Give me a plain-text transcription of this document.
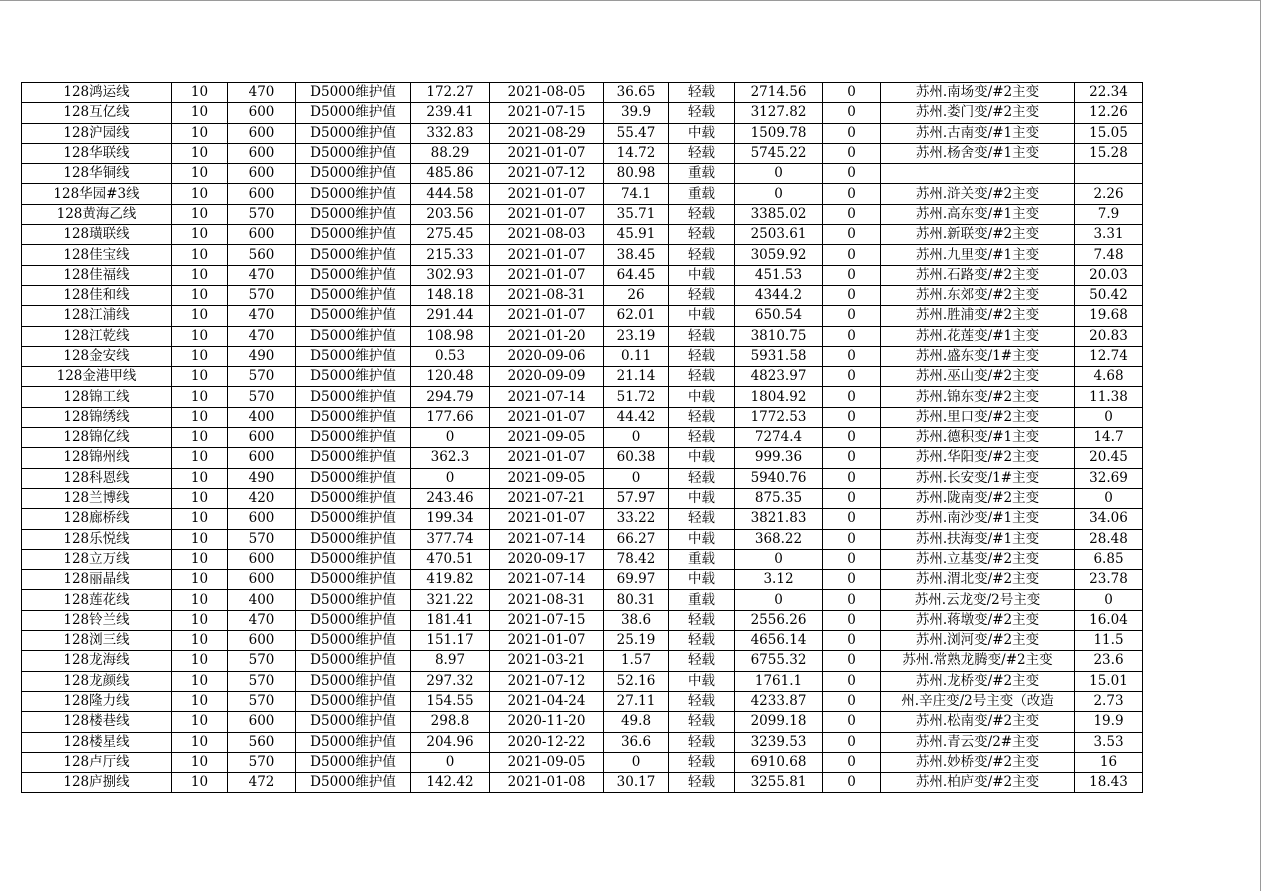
128鸿运线	10	470	D5000维护值	172.27	2021-08-05	36.65	轻载	2714.56	0	苏州.南场变/#2主变	22.34
128互亿线	10	600	D5000维护值	239.41	2021-07-15	39.9	轻载	3127.82	0	苏州.娄门变/#2主变	12.26
128沪园线	10	600	D5000维护值	332.83	2021-08-29	55.47	中载	1509.78	0	苏州.古南变/#1主变	15.05
128华联线	10	600	D5000维护值	88.29	2021-01-07	14.72	轻载	5745.22	0	苏州.杨舍变/#1主变	15.28
128华铜线	10	600	D5000维护值	485.86	2021-07-12	80.98	重载	0	0		
128华园#3线	10	600	D5000维护值	444.58	2021-01-07	74.1	重载	0	0	苏州.浒关变/#2主变	2.26
128黄海乙线	10	570	D5000维护值	203.56	2021-01-07	35.71	轻载	3385.02	0	苏州.高东变/#1主变	7.9
128璜联线	10	600	D5000维护值	275.45	2021-08-03	45.91	轻载	2503.61	0	苏州.新联变/#2主变	3.31
128佳宝线	10	560	D5000维护值	215.33	2021-01-07	38.45	轻载	3059.92	0	苏州.九里变/#1主变	7.48
128佳福线	10	470	D5000维护值	302.93	2021-01-07	64.45	中载	451.53	0	苏州.石路变/#2主变	20.03
128佳和线	10	570	D5000维护值	148.18	2021-08-31	26	轻载	4344.2	0	苏州.东郊变/#2主变	50.42
128江浦线	10	470	D5000维护值	291.44	2021-01-07	62.01	中载	650.54	0	苏州.胜浦变/#2主变	19.68
128江乾线	10	470	D5000维护值	108.98	2021-01-20	23.19	轻载	3810.75	0	苏州.花莲变/#1主变	20.83
128金安线	10	490	D5000维护值	0.53	2020-09-06	0.11	轻载	5931.58	0	苏州.盛东变/1#主变	12.74
128金港甲线	10	570	D5000维护值	120.48	2020-09-09	21.14	轻载	4823.97	0	苏州.巫山变/#2主变	4.68
128锦工线	10	570	D5000维护值	294.79	2021-07-14	51.72	中载	1804.92	0	苏州.锦东变/#2主变	11.38
128锦绣线	10	400	D5000维护值	177.66	2021-01-07	44.42	轻载	1772.53	0	苏州.里口变/#2主变	0
128锦亿线	10	600	D5000维护值	0	2021-09-05	0	轻载	7274.4	0	苏州.德积变/#1主变	14.7
128锦州线	10	600	D5000维护值	362.3	2021-01-07	60.38	中载	999.36	0	苏州.华阳变/#2主变	20.45
128科恩线	10	490	D5000维护值	0	2021-09-05	0	轻载	5940.76	0	苏州.长安变/1#主变	32.69
128兰博线	10	420	D5000维护值	243.46	2021-07-21	57.97	中载	875.35	0	苏州.陇南变/#2主变	0
128廊桥线	10	600	D5000维护值	199.34	2021-01-07	33.22	轻载	3821.83	0	苏州.南沙变/#1主变	34.06
128乐悦线	10	570	D5000维护值	377.74	2021-07-14	66.27	中载	368.22	0	苏州.扶海变/#1主变	28.48
128立万线	10	600	D5000维护值	470.51	2020-09-17	78.42	重载	0	0	苏州.立基变/#2主变	6.85
128丽晶线	10	600	D5000维护值	419.82	2021-07-14	69.97	中载	3.12	0	苏州.渭北变/#2主变	23.78
128莲花线	10	400	D5000维护值	321.22	2021-08-31	80.31	重载	0	0	苏州.云龙变/2号主变	0
128铃兰线	10	470	D5000维护值	181.41	2021-07-15	38.6	轻载	2556.26	0	苏州.蒋墩变/#2主变	16.04
128浏三线	10	600	D5000维护值	151.17	2021-01-07	25.19	轻载	4656.14	0	苏州.浏河变/#2主变	11.5
128龙海线	10	570	D5000维护值	8.97	2021-03-21	1.57	轻载	6755.32	0	苏州.常熟龙腾变/#2主变	23.6
128龙颜线	10	570	D5000维护值	297.32	2021-07-12	52.16	中载	1761.1	0	苏州.龙桥变/#2主变	15.01
128隆力线	10	570	D5000维护值	154.55	2021-04-24	27.11	轻载	4233.87	0	州.辛庄变/2号主变（改造	2.73
128楼巷线	10	600	D5000维护值	298.8	2020-11-20	49.8	轻载	2099.18	0	苏州.松南变/#2主变	19.9
128楼星线	10	560	D5000维护值	204.96	2020-12-22	36.6	轻载	3239.53	0	苏州.青云变/2#主变	3.53
128卢厅线	10	570	D5000维护值	0	2021-09-05	0	轻载	6910.68	0	苏州.妙桥变/#2主变	16
128庐捌线	10	472	D5000维护值	142.42	2021-01-08	30.17	轻载	3255.81	0	苏州.柏庐变/#2主变	18.43
